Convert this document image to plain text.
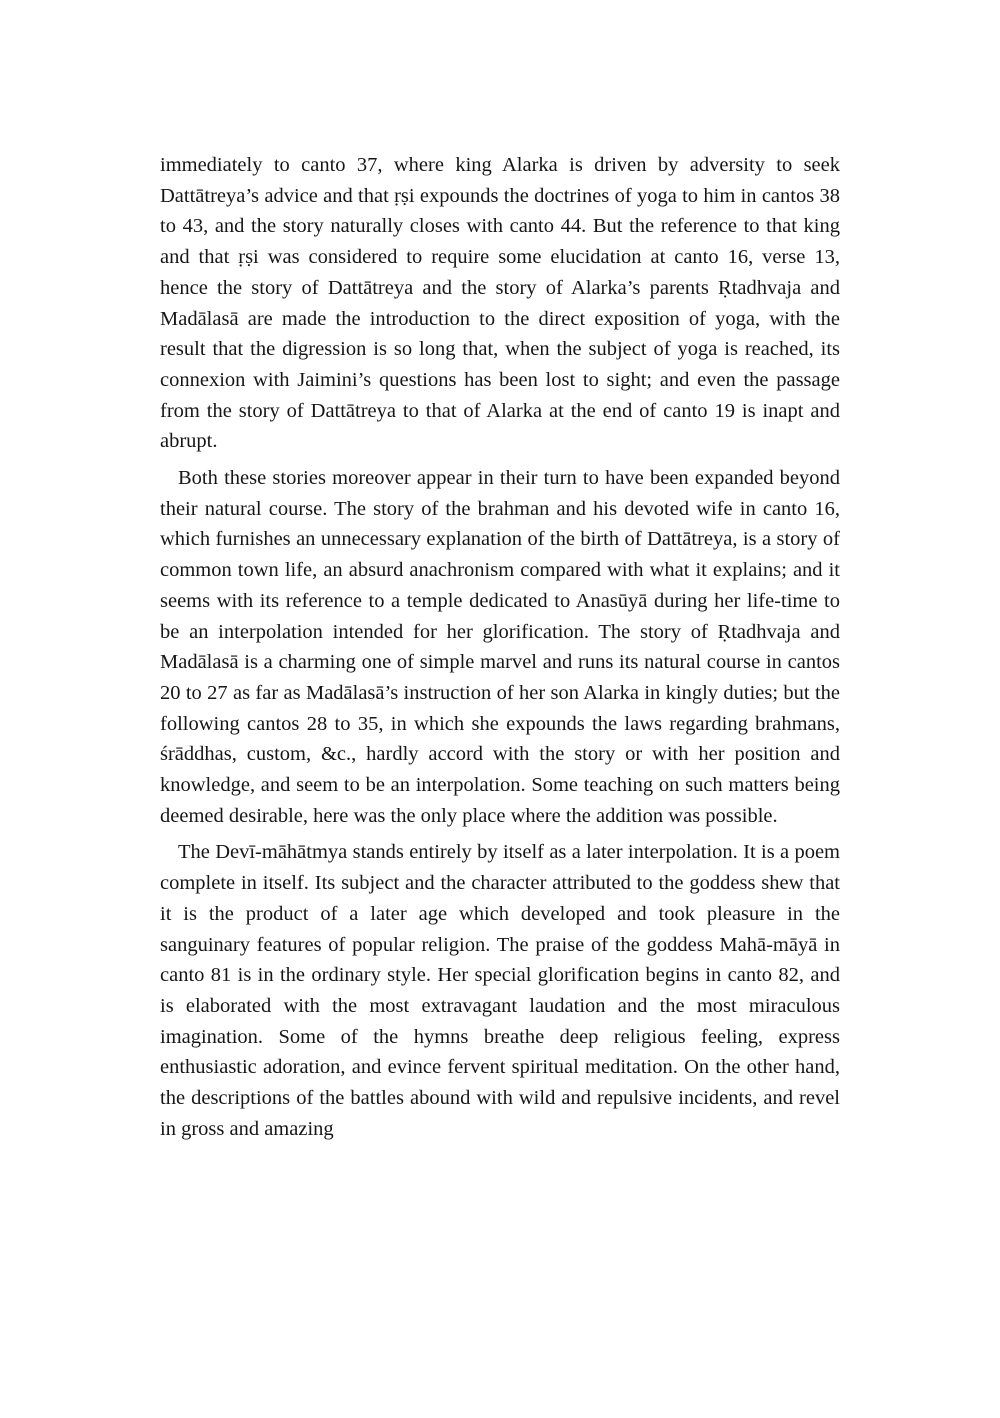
immediately to canto 37, where king Alarka is driven by adversity to seek Dattātreya’s advice and that ṛṣi expounds the doctrines of yoga to him in cantos 38 to 43, and the story naturally closes with canto 44. But the reference to that king and that ṛṣi was considered to require some elucidation at canto 16, verse 13, hence the story of Dattātreya and the story of Alarka’s parents Ṛtadhvaja and Madālasā are made the introduction to the direct exposition of yoga, with the result that the digression is so long that, when the subject of yoga is reached, its connexion with Jaimini’s questions has been lost to sight; and even the passage from the story of Dattātreya to that of Alarka at the end of canto 19 is inapt and abrupt.

Both these stories moreover appear in their turn to have been expanded beyond their natural course. The story of the brahman and his devoted wife in canto 16, which furnishes an unnecessary explanation of the birth of Dattātreya, is a story of common town life, an absurd anachronism compared with what it explains; and it seems with its reference to a temple dedicated to Anasūyā during her life-time to be an interpolation intended for her glorification. The story of Ṛtadhvaja and Madālasā is a charming one of simple marvel and runs its natural course in cantos 20 to 27 as far as Madālasā’s instruction of her son Alarka in kingly duties; but the following cantos 28 to 35, in which she expounds the laws regarding brahmans, śrāddhas, custom, &c., hardly accord with the story or with her position and knowledge, and seem to be an interpolation. Some teaching on such matters being deemed desirable, here was the only place where the addition was possible.

The Devī-māhātmya stands entirely by itself as a later interpolation. It is a poem complete in itself. Its subject and the character attributed to the goddess shew that it is the product of a later age which developed and took pleasure in the sanguinary features of popular religion. The praise of the goddess Mahā-māyā in canto 81 is in the ordinary style. Her special glorification begins in canto 82, and is elaborated with the most extravagant laudation and the most miraculous imagination. Some of the hymns breathe deep religious feeling, express enthusiastic adoration, and evince fervent spiritual meditation. On the other hand, the descriptions of the battles abound with wild and repulsive incidents, and revel in gross and amazing
